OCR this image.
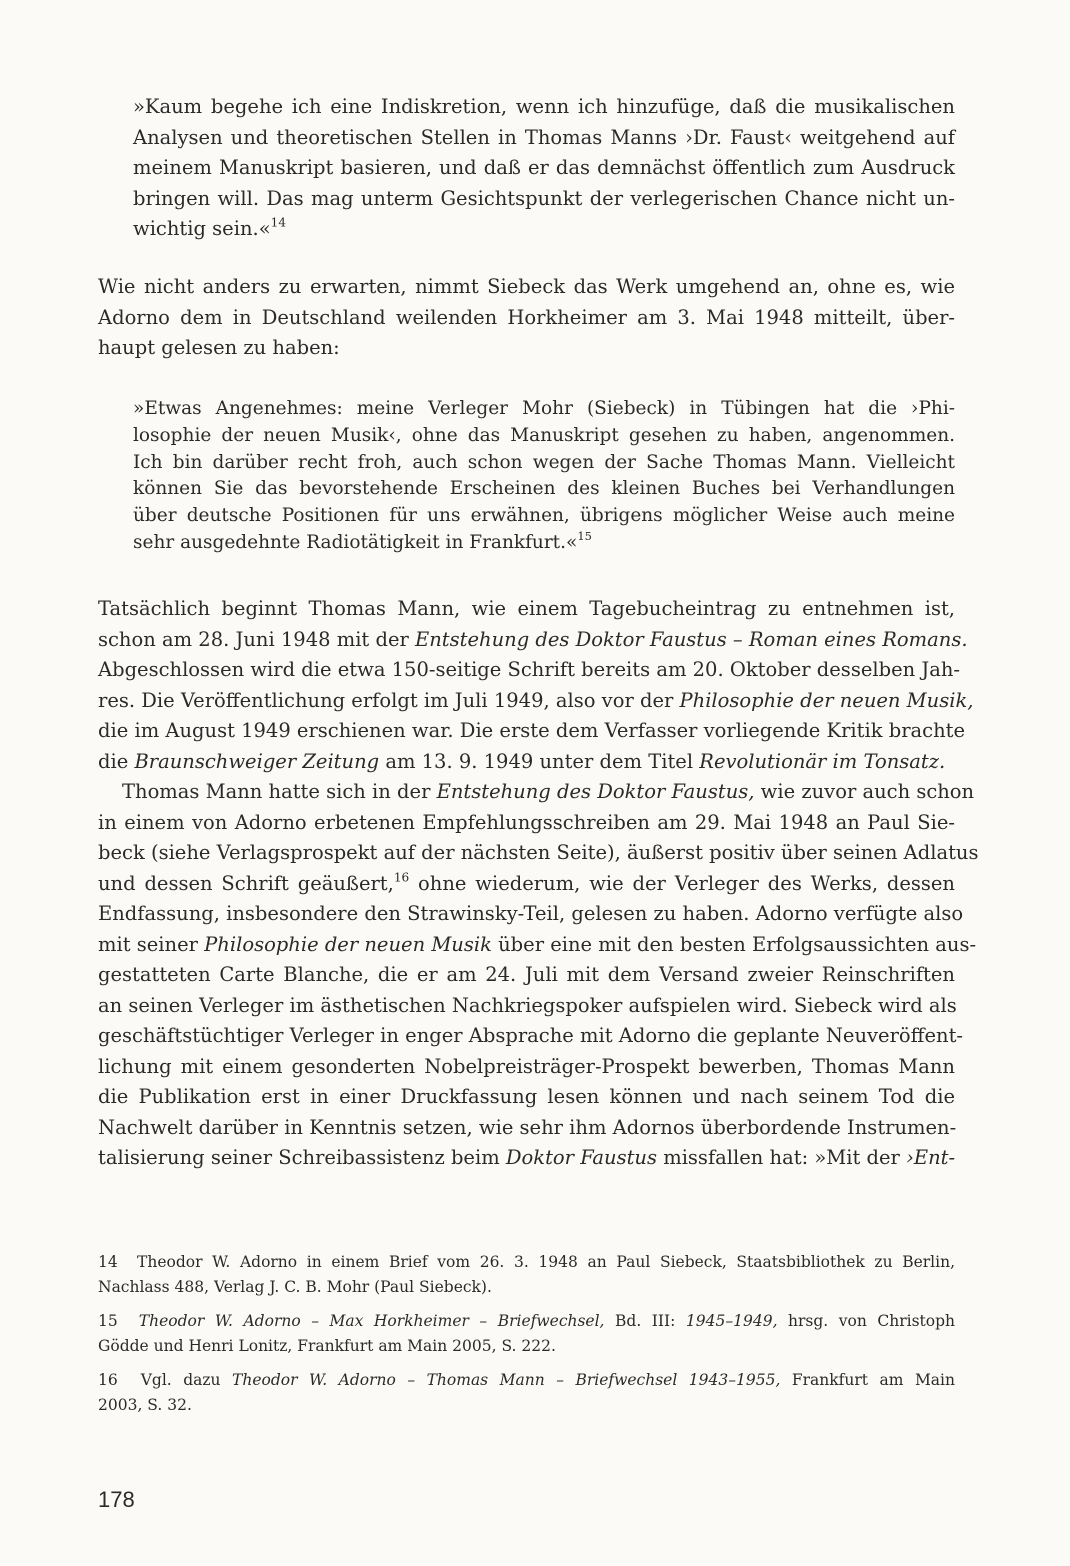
»Kaum begehe ich eine Indiskretion, wenn ich hinzufüge, daß die musikalischen
Analysen und theoretischen Stellen in Thomas Manns ›Dr. Faust‹ weitgehend auf
meinem Manuskript basieren, und daß er das demnächst öffentlich zum Ausdruck
bringen will. Das mag unterm Gesichtspunkt der verlegerischen Chance nicht un-
wichtig sein.«$^{14}$
Wie nicht anders zu erwarten, nimmt Siebeck das Werk umgehend an, ohne es, wie
Adorno dem in Deutschland weilenden Horkheimer am 3. Mai 1948 mitteilt, über-
haupt gelesen zu haben:
»Etwas Angenehmes: meine Verleger Mohr (Siebeck) in Tübingen hat die ›Phi-
losophie der neuen Musik‹, ohne das Manuskript gesehen zu haben, angenommen.
Ich bin darüber recht froh, auch schon wegen der Sache Thomas Mann. Vielleicht
können Sie das bevorstehende Erscheinen des kleinen Buches bei Verhandlungen
über deutsche Positionen für uns erwähnen, übrigens möglicher Weise auch meine
sehr ausgedehnte Radiotätigkeit in Frankfurt.«$^{15}$
Tatsächlich beginnt Thomas Mann, wie einem Tagebucheintrag zu entnehmen ist,
schon am 28. Juni 1948 mit der Entstehung des Doktor Faustus – Roman eines Romans.
Abgeschlossen wird die etwa 150-seitige Schrift bereits am 20. Oktober desselben Jah-
res. Die Veröffentlichung erfolgt im Juli 1949, also vor der Philosophie der neuen Musik,
die im August 1949 erschienen war. Die erste dem Verfasser vorliegende Kritik brachte
die Braunschweiger Zeitung am 13. 9. 1949 unter dem Titel Revolutionär im Tonsatz.
Thomas Mann hatte sich in der Entstehung des Doktor Faustus, wie zuvor auch schon
in einem von Adorno erbetenen Empfehlungsschreiben am 29. Mai 1948 an Paul Sie-
beck (siehe Verlagsprospekt auf der nächsten Seite), äußerst positiv über seinen Adlatus
und dessen Schrift geäußert,$^{16}$ ohne wiederum, wie der Verleger des Werks, dessen
Endfassung, insbesondere den Strawinsky-Teil, gelesen zu haben. Adorno verfügte also
mit seiner Philosophie der neuen Musik über eine mit den besten Erfolgsaussichten aus-
gestatteten Carte Blanche, die er am 24. Juli mit dem Versand zweier Reinschriften
an seinen Verleger im ästhetischen Nachkriegspoker aufspielen wird. Siebeck wird als
geschäftstüchtiger Verleger in enger Absprache mit Adorno die geplante Neuveröffent-
lichung mit einem gesonderten Nobelpreisträger-Prospekt bewerben, Thomas Mann
die Publikation erst in einer Druckfassung lesen können und nach seinem Tod die
Nachwelt darüber in Kenntnis setzen, wie sehr ihm Adornos überbordende Instrumen-
talisierung seiner Schreibassistenz beim Doktor Faustus missfallen hat: »Mit der ›Ent-
14 Theodor W. Adorno in einem Brief vom 26. 3. 1948 an Paul Siebeck, Staatsbibliothek zu Berlin,
Nachlass 488, Verlag J. C. B. Mohr (Paul Siebeck).
15 Theodor W. Adorno – Max Horkheimer – Briefwechsel, Bd. III: 1945–1949, hrsg. von Christoph
Gödde und Henri Lonitz, Frankfurt am Main 2005, S. 222.
16 Vgl. dazu Theodor W. Adorno – Thomas Mann – Briefwechsel 1943–1955, Frankfurt am Main
2003, S. 32.
178
